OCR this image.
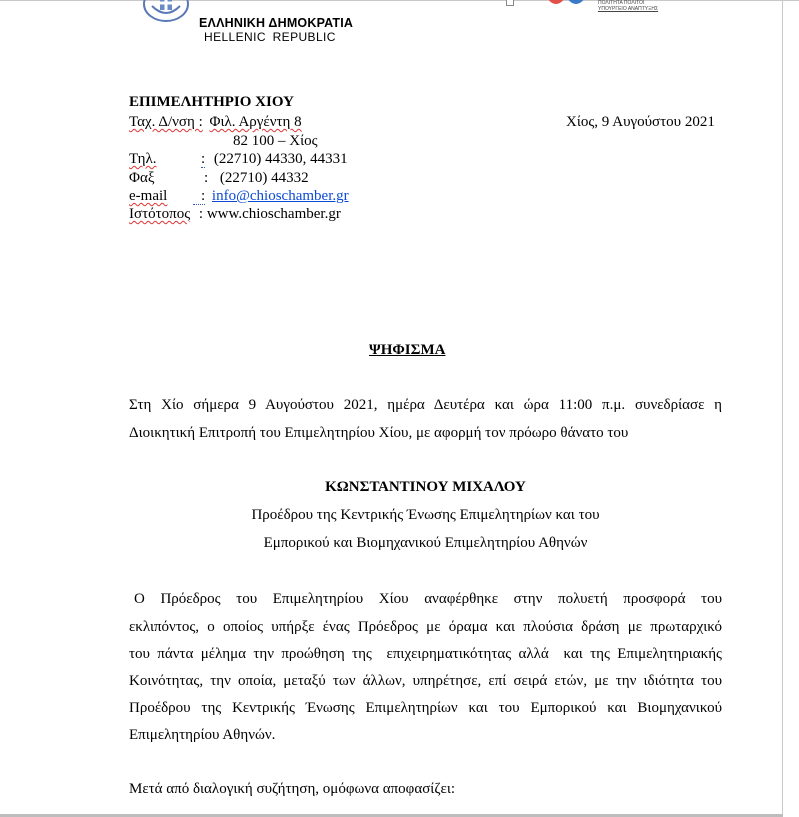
ΕΛΛΗΝΙΚΗ ΔΗΜΟΚΡΑΤΙΑ
HELLENIC REPUBLIC
ΠΟΛΙΤΗΤΑ ΠΟΛΙΤΟΙ
ΥΠΟΥΡΓΕΙΟ ΑΝΑΠΤΥΞΗΣ
ΕΠΙΜΕΛΗΤΗΡΙΟ ΧΙΟΥ
Ταχ. Δ/νση : Φιλ. Αργέντη 8	Χίος, 9 Αυγούστου 2021
82 100 – Χίος
Τηλ.	: (22710) 44330, 44331
Φαξ	: (22710) 44332
e-mail	: info@chioschamber.gr
Ιστότοπος : www.chioschamber.gr
ΨΗΦΙΣΜΑ
Στη Χίο σήμερα 9 Αυγούστου 2021, ημέρα Δευτέρα και ώρα 11:00 π.μ. συνεδρίασε η
Διοικητική Επιτροπή του Επιμελητηρίου Χίου, με αφορμή τον πρόωρο θάνατο του
ΚΩΝΣΤΑΝΤΙΝΟΥ ΜΙΧΑΛΟΥ
Προέδρου της Κεντρικής Ένωσης Επιμελητηρίων και του
Εμπορικού και Βιομηχανικού Επιμελητηρίου Αθηνών
Ο Πρόεδρος του Επιμελητηρίου Χίου αναφέρθηκε στην πολυετή προσφορά του
εκλιπόντος, ο οποίος υπήρξε ένας Πρόεδρος με όραμα και πλούσια δράση με πρωταρχικό
του πάντα μέλημα την προώθηση της  επιχειρηματικότητας αλλά  και της Επιμελητηριακής
Κοινότητας, την οποία, μεταξύ των άλλων, υπηρέτησε, επί σειρά ετών, με την ιδιότητα του
Προέδρου της Κεντρικής Ένωσης Επιμελητηρίων και του Εμπορικού και Βιομηχανικού
Επιμελητηρίου Αθηνών.
Μετά από διαλογική συζήτηση, ομόφωνα αποφασίζει:
